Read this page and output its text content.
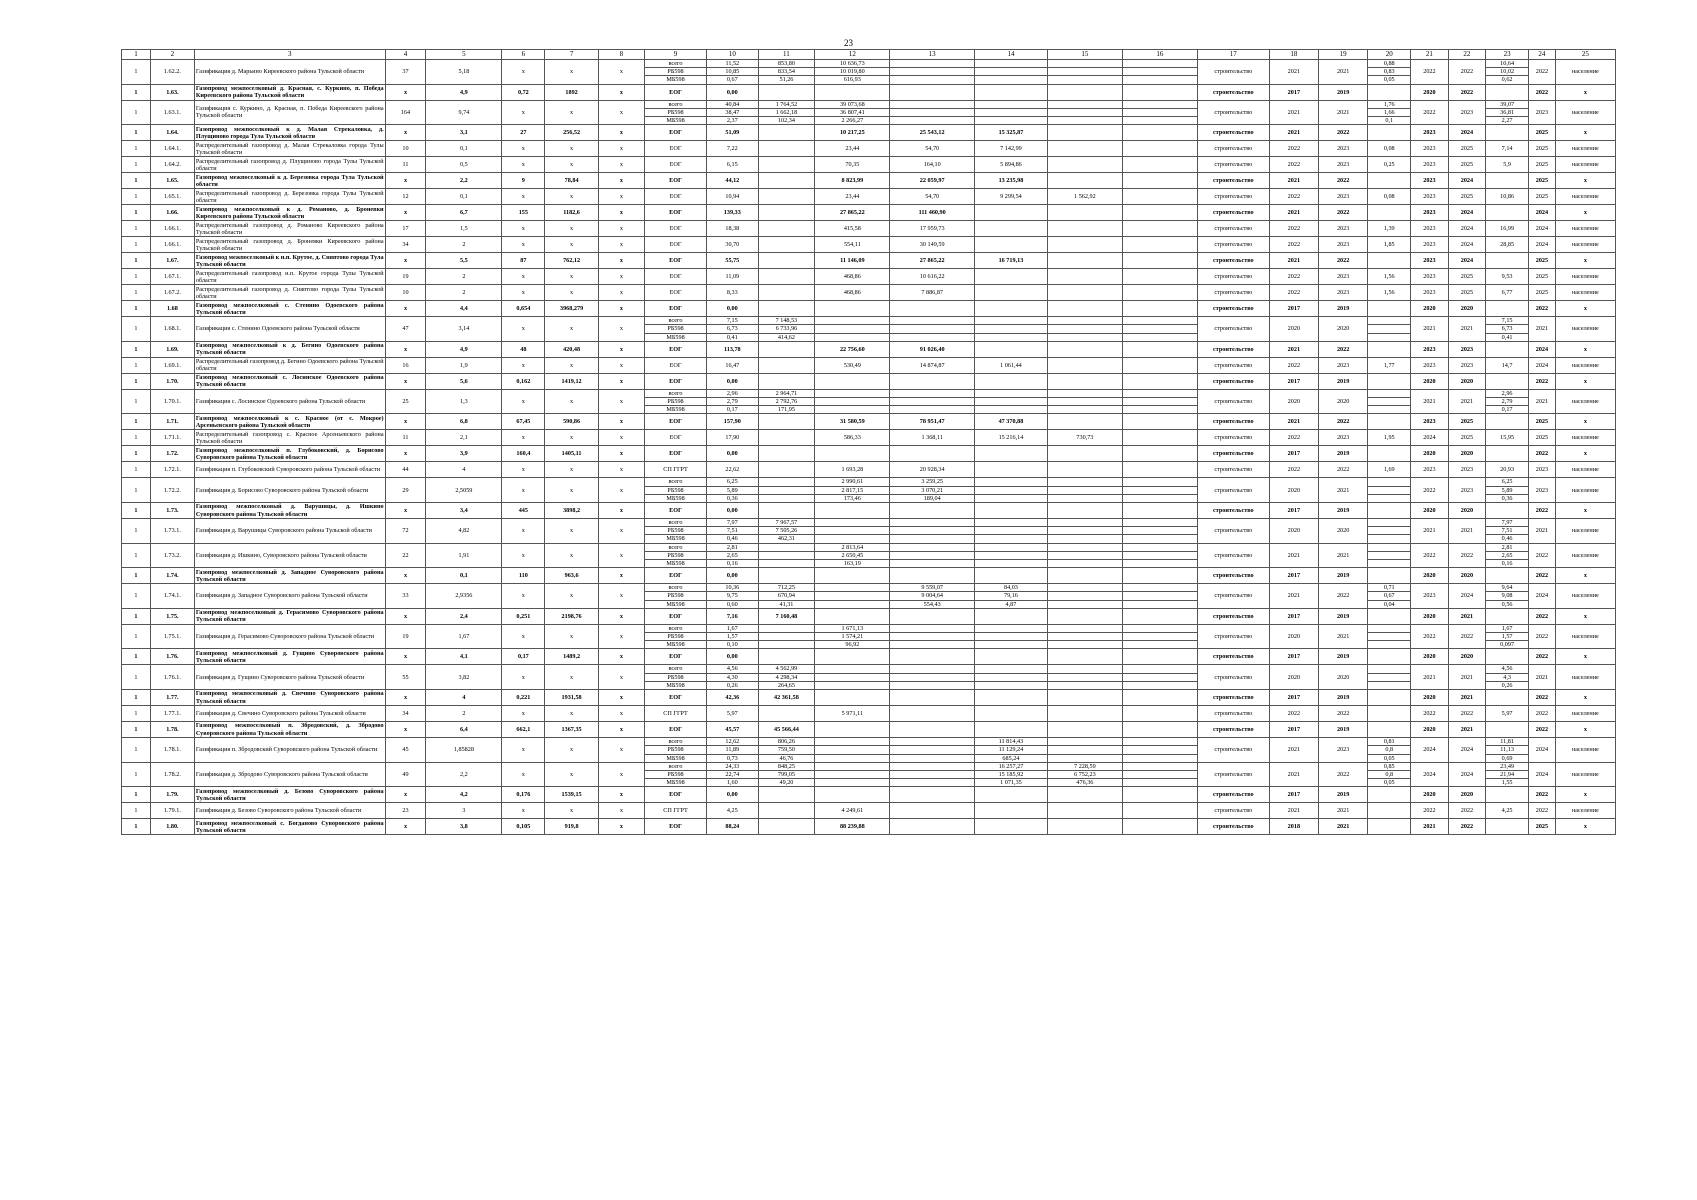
23
1	2	3	4	5	6	7	8	9	10	11	12	13	14	15	16	17	18	19	20	21	22	23	24	25
1	1.62.2.	Газификация д. Марьино Киреевского района Тульской области	37	5,18	х	х	х	всего	11,52	853,80	10 636,73					строительство	2021	2021	0,88	2022	2022	10,64	2022	население
								РБ598	10,85	833,54	10 019,80								0,83			10,02		
								МБ598	0,67	51,26	616,93								0,05			0,62		
1	1.63.	Газопровод межпоселковый д. Красная, с. Куркино, п. Победа Киреевского района Тульской области	х	4,9	0,72	1892	х	ЕОГ	0,00							строительство	2017	2019		2020	2022		2022	х
1	1.63.1.	Газификация с. Куркино, д. Красная, п. Победа Киреевского района Тульской области	164	9,74	х	х	х	всего	40,84	1 764,52	39 073,68					строительство	2021	2021	1,76	2022	2023	39,07	2023	население
								РБ598	38,47	1 662,18	36 807,41								1,66			36,81		
								МБ598	2,37	102,34	2 266,27								0,1			2,27		
1	1.64.	Газопровод межпоселковый к д. Малая Стрекаловка, д. Плущиново города Тула Тульской области	х	3,1	27	256,52	х	ЕОГ	51,09		10 217,25	25 543,12	15 325,87			строительство	2021	2022		2023	2024		2025	х
1	1.64.1.	Распределительный газопровод д. Малая Стрекаловка города Тулы Тульской области	10	0,1	х	х	х	ЕОГ	7,22		23,44	54,70	7 142,99			строительство	2022	2023	0,08	2023	2025	7,14	2025	население
1	1.64.2.	Распределительный газопровод д. Плущиново города Тулы Тульской области	11	0,5	х	х	х	ЕОГ	6,15		70,35	164,10	5 894,86			строительство	2022	2023	0,25	2023	2025	5,9	2025	население
1	1.65.	Газопровод межпоселковый к д. Березовка города Тула Тульской области	х	2,2	9	78,84	х	ЕОГ	44,12		8 823,99	22 059,97	13 235,98			строительство	2021	2022		2023	2024		2025	х
1	1.65.1.	Распределительный газопровод д. Березовка города Тулы Тульской области	12	0,1	х	х	х	ЕОГ	10,94		23,44	54,70	9 299,54	1 562,92		строительство	2022	2023	0,08	2023	2025	10,86	2025	население
1	1.66.	Газопровод межпоселковый к д. Романово, д. Броневки Киреевского района Тульской области	х	6,7	155	1182,6	х	ЕОГ	139,33		27 865,22	111 460,90				строительство	2021	2022		2023	2024		2024	х
1	1.66.1.	Распределительный газопровод д. Романово Киреевского района Тульской области	17	1,5	х	х	х	ЕОГ	18,38		415,58	17 959,73				строительство	2022	2023	1,39	2023	2024	16,99	2024	население
1	1.66.1.	Распределительный газопровод д. Броневки Киреевского района Тульской области	34	2	х	х	х	ЕОГ	30,70		554,11	30 149,59				строительство	2022	2023	1,85	2023	2024	28,85	2024	население
1	1.67.	Газопровод межпоселковый к н.п. Крутое, д. Сняптово города Тула Тульской области	х	5,5	87	762,12	х	ЕОГ	55,75		11 146,09	27 865,22	16 719,13			строительство	2021	2022		2023	2024		2025	х
1	1.67.1.	Распределительный газопровод н.п. Крутое города Тулы Тульской области	19	2	х	х	х	ЕОГ	11,09		468,86	10 616,22				строительство	2022	2023	1,56	2023	2025	9,53	2025	население
1	1.67.2.	Распределительный газопровод д. Сняптово города Тулы Тульской области	10	2	х	х	х	ЕОГ	8,33		468,86	7 886,87				строительство	2022	2023	1,56	2023	2025	6,77	2025	население
1	1.68	Газопровод межпоселковый с. Стенино Одоевского района Тульской области	х	4,4	0,654	3968,279	х	ЕОГ	0,00							строительство	2017	2019		2020	2020		2022	х
1	1.68.1.	Газификация с. Стенино Одоевского района Тульской области	47	3,14	х	х	х	всего	7,15	7 148,53						строительство	2020	2020		2021	2021	7,15	2021	население
								РБ598	6,73	6 733,96												6,73		
								МБ598	0,41	414,62												0,41		
1	1.69.	Газопровод межпоселковый к д. Бегино Одоевского района Тульской области	х	4,9	48	420,48	х	ЕОГ	113,78		22 756,60	91 026,40				строительство	2021	2022		2023	2023		2024	х
1	1.69.1.	Распределительный газопровод д. Бегино Одоевского района Тульской области	16	1,9	х	х	х	ЕОГ	16,47		530,49	14 874,87	1 061,44			строительство	2022	2023	1,77	2023	2023	14,7	2024	население
1	1.70.	Газопровод межпоселковый с. Лосинское Одоевского района Тульской области	х	5,6	0,162	1419,12	х	ЕОГ	0,00							строительство	2017	2019		2020	2020		2022	х
1	1.70.1.	Газификация с. Лосинское Одоевского района Тульской области	25	1,3	х	х	х	всего	2,96	2 964,71						строительство	2020	2020		2021	2021	2,96	2021	население
								РБ598	2,79	2 792,76												2,79		
								МБ598	0,17	171,95												0,17		
1	1.71.	Газопровод межпоселковый к с. Красное (от с. Мокрое) Арсеньевского района Тульской области	х	6,8	67,45	590,86	х	ЕОГ	157,90		31 580,59	78 951,47	47 370,88			строительство	2021	2022		2023	2025		2025	х
1	1.71.1.	Распределительный газопровод с. Красное Арсеньевского района Тульской области	11	2,1	х	х	х	ЕОГ	17,90		586,33	1 368,11	15 216,14	730,73		строительство	2022	2023	1,95	2024	2025	15,95	2025	население
1	1.72.	Газопровод межпоселковый п. Глубоковский, д. Борисово Суворовского района Тульской области	х	3,9	160,4	1405,11	х	ЕОГ	0,00							строительство	2017	2019		2020	2020		2022	х
1	1.72.1.	Газификация п. Глубоковский Суворовского района Тульской области	44	4	х	х	х	СП ГГРТ	22,62		1 693,28	20 928,34				строительство	2022	2022	1,69	2023	2023	20,93	2023	население
1	1.72.2.	Газификация д. Борисово Суворовского района Тульской области	29	2,5059	х	х	х	всего	6,25		2 990,61	3 259,25				строительство	2020	2021		2022	2023	6,25	2023	население
								РБ598	5,89		2 817,15	3 070,21										5,89		
								МБ598	0,36		173,46	189,04										0,36		
1	1.73.	Газопровод межпоселковый д. Варушицы, д. Ишкино Суворовского района Тульской области	х	3,4	445	3898,2	х	ЕОГ	0,00							строительство	2017	2019		2020	2020		2022	х
1	1.73.1.	Газификация д. Варушицы Суворовского района Тульской области	72	4,82	х	х	х	всего	7,97	7 967,57						строительство	2020	2020		2021	2021	7,97	2021	население
								РБ598	7,51	7 505,26												7,51		
								МБ598	0,46	462,31												0,46		
1	1.73.2.	Газификация д. Ишкино, Суворовского района Тульской области	22	1,91	х	х	х	всего	2,81		2 813,64					строительство	2021	2021		2022	2022	2,81	2022	население
								РБ598	2,65		2 650,45											2,65		
								МБ598	0,16		163,19											0,16		
1	1.74.	Газопровод межпоселковый д. Западное Суворовского района Тульской области	х	0,1	110	963,6	х	ЕОГ	0,00							строительство	2017	2019		2020	2020		2022	х
1	1.74.1.	Газификация д. Западное Суворовского района Тульской области	33	2,9356	х	х	х	всего	10,36	712,25		9 559,07	84,03			строительство	2021	2022	0,71	2023	2024	9,64	2024	население
								РБ598	9,75	670,94		9 004,64	79,16						0,67			9,08		
								МБ598	0,60	41,31		554,43	4,87						0,04			0,56		
1	1.75.	Газопровод межпоселковый д. Герасимово Суворовского района Тульской области	х	2,4	0,251	2198,76	х	ЕОГ	7,16	7 160,48						строительство	2017	2019		2020	2021		2022	х
1	1.75.1.	Газификация д. Герасимово Суворовского района Тульской области	19	1,67	х	х	х	всего	1,67		1 671,13					строительство	2020	2021		2022	2022	1,67	2022	население
								РБ598	1,57		1 574,21											1,57		
								МБ598	0,10		96,92											0,097		
1	1.76.	Газопровод межпоселковый д. Гущино Суворовского района Тульской области	х	4,1	0,17	1489,2	х	ЕОГ	0,00							строительство	2017	2019		2020	2020		2022	х
1	1.76.1.	Газификация д. Гущино Суворовского района Тульской области	55	3,82	х	х	х	всего	4,56	4 562,99						строительство	2020	2020		2021	2021	4,56	2021	население
								РБ598	4,30	4 298,34												4,3		
								МБ598	0,26	264,65												0,26		
1	1.77.	Газопровод межпоселковый д. Свечино Суворовского района Тульской области	х	4	0,221	1931,58	х	ЕОГ	42,36	42 361,58						строительство	2017	2019		2020	2021		2022	х
1	1.77.1.	Газификация д. Свечино Суворовского района Тульской области	34	2	х	х	х	СП ГГРТ	5,97		5 971,11					строительство	2022	2022		2022	2022	5,97	2022	население
1	1.78.	Газопровод межпоселковый п. Збродовский, д. Збродово Суворовского района Тульской области	х	6,4	662,1	1367,35	х	ЕОГ	45,57	45 566,44						строительство	2017	2019		2020	2021		2022	х
1	1.78.1.	Газификация п. Збродовский Суворовского района Тульской области	45	1,85828	х	х	х	всего	12,62	806,26			11 814,43			строительство	2021	2023	0,81	2024	2024	11,81	2024	население
								РБ598	11,89	759,50			11 129,24						0,8			11,13		
								МБ598	0,73	46,76			685,24						0,05			0,69		
1	1.78.2.	Газификация д. Збродово Суворовского района Тульской области	49	2,2	х	х	х	всего	24,33	848,25			16 257,27	7 228,59		строительство	2021	2022	0,85	2024	2024	23,49	2024	население
								РБ598	22,74	799,05			15 185,92	6 752,23					0,8			21,94		
								МБ598	1,60	49,20			1 071,35	476,36					0,05			1,55		
1	1.79.	Газопровод межпоселковый д. Безово Суворовского района Тульской области	х	4,2	0,176	1539,15	х	ЕОГ	0,00							строительство	2017	2019		2020	2020		2022	х
1	1.79.1.	Газификация д. Безово Суворовского района Тульской области	23	3	х	х	х	СП ГГРТ	4,25		4 249,61					строительство	2021	2021		2022	2022	4,25	2022	население
1	1.80.	Газопровод межпоселковый с. Богданово Суворовского района Тульской области	х	3,8	0,105	919,8	х	ЕОГ	88,24		88 239,88					строительство	2018	2021		2021	2022		2025	х
